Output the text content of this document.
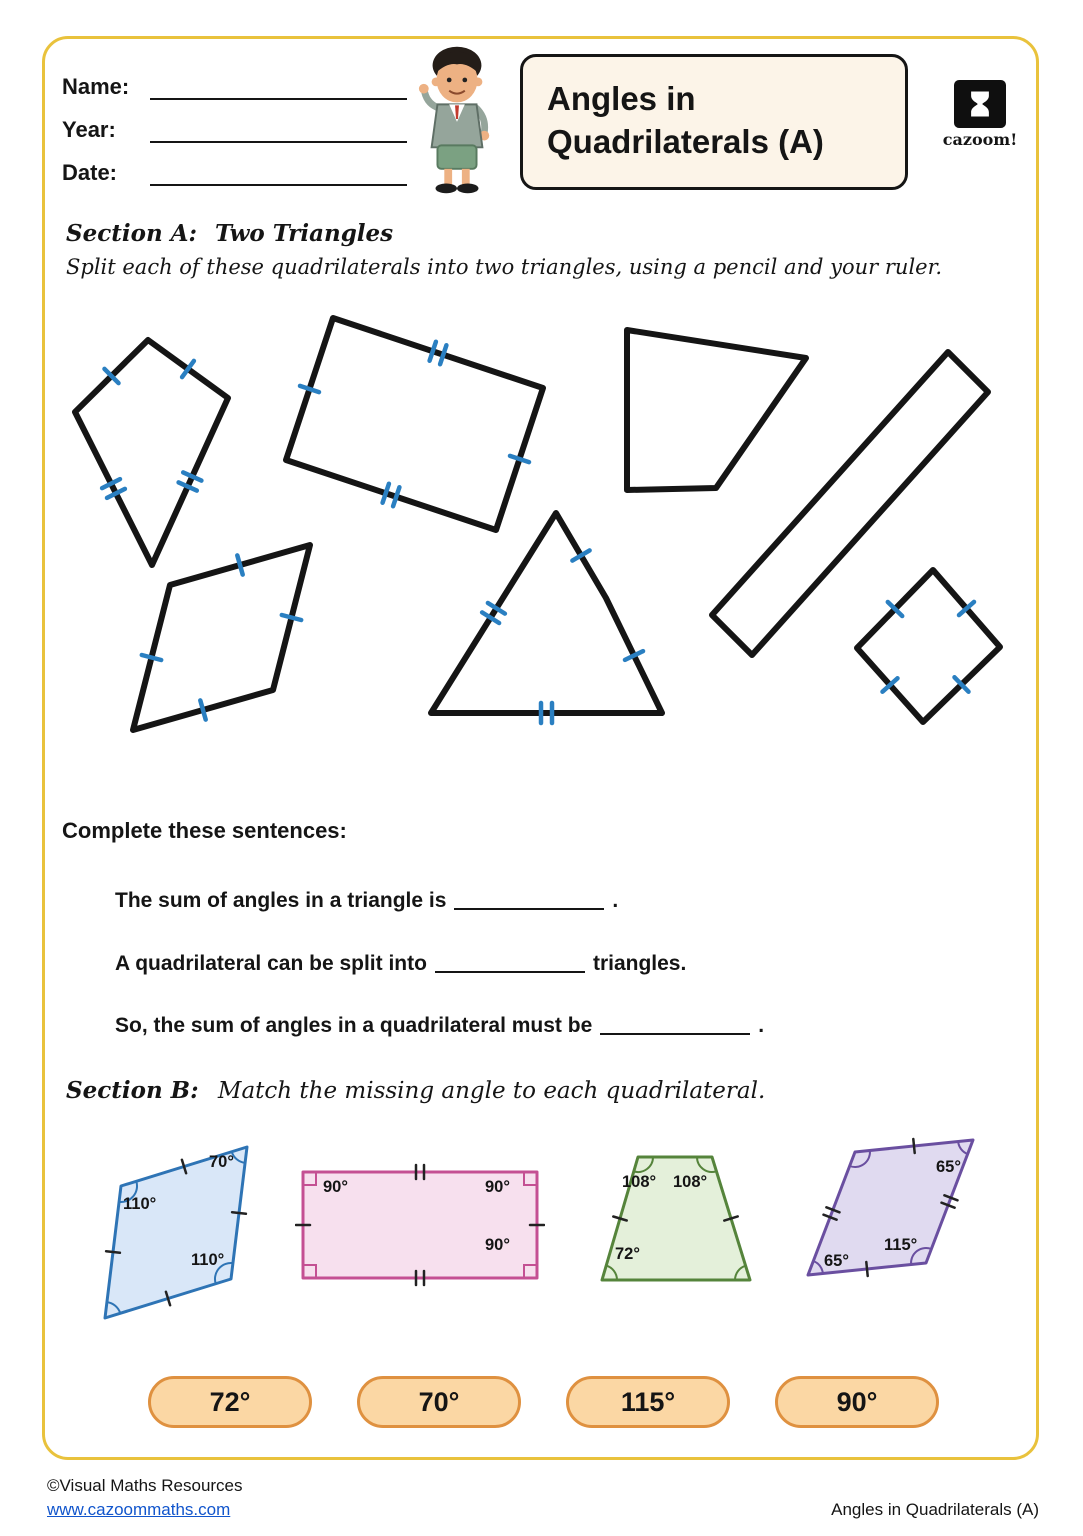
Name:
Year:
Date:
Angles in
Quadrilaterals (A)	cazoom!
Section A: Two Triangles
Split each of these quadrilaterals into two triangles, using a pencil and your ruler.
Complete these sentences:
The sum of angles in a triangle is	.
A quadrilateral can be split into	triangles.
So, the sum of angles in a quadrilateral must be	.
Section B: Match the missing angle to each quadrilateral.
70°
110°
110°
90°	90°
90°
108° 108°
72°
65°
115°
65°
72°	70°	115°	90°
©Visual Maths Resources
www.cazoommaths.com	Angles in Quadrilaterals (A)
